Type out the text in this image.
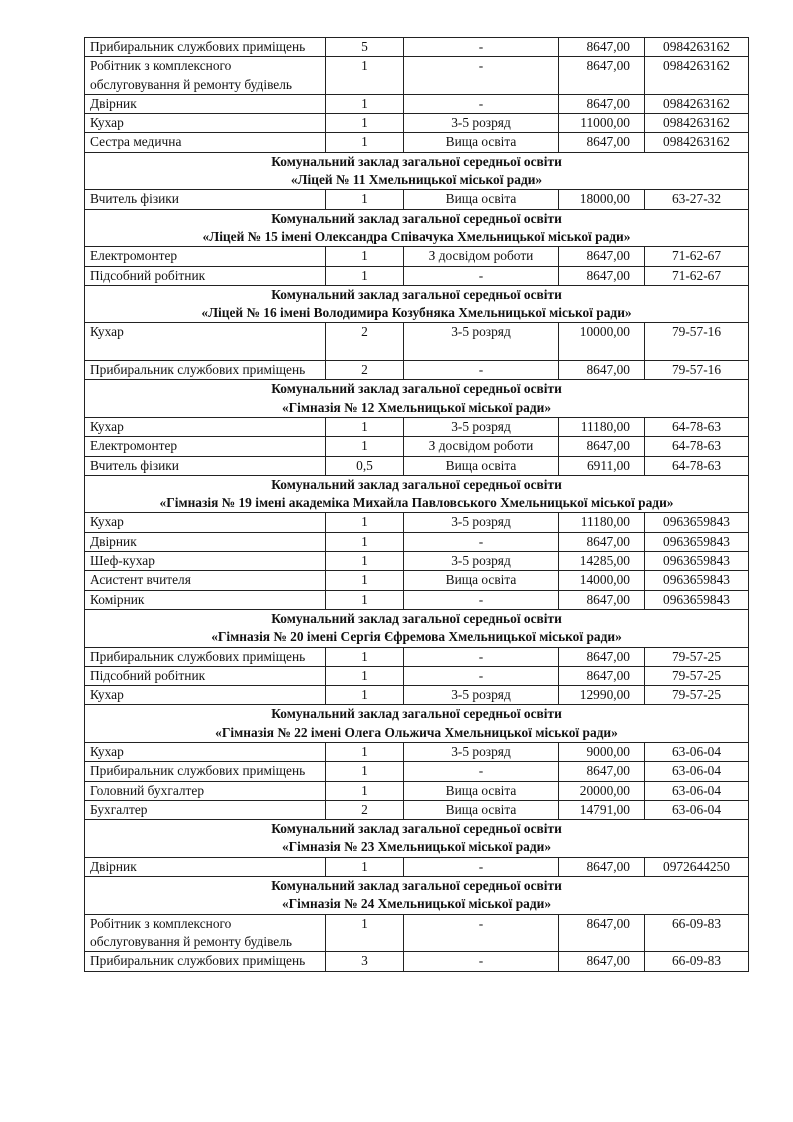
Прибиральник службових приміщень	5	-	8647,00	0984263162
Робітник з комплексного обслуговування й ремонту будівель	1	-	8647,00	0984263162
Двірник	1	-	8647,00	0984263162
Кухар	1	3-5 розряд	11000,00	0984263162
Сестра медична	1	Вища освіта	8647,00	0984263162

Комунальний заклад загальної середньої освіти
«Ліцей № 11 Хмельницької міської ради»				

Вчитель фізики	1	Вища освіта	18000,00	63-27-32

Комунальний заклад загальної середньої освіти
«Ліцей № 15 імені Олександра Співачука Хмельницької міської ради»				

Електромонтер	1	З досвідом роботи	8647,00	71-62-67
Підсобний робітник	1	-	8647,00	71-62-67

Комунальний заклад загальної середньої освіти
«Ліцей № 16 імені Володимира Козубняка Хмельницької міської ради»				

Кухар	2	3-5 розряд	10000,00	79-57-16
Прибиральник службових приміщень	2	-	8647,00	79-57-16

Комунальний заклад загальної середньої освіти
«Гімназія № 12 Хмельницької міської ради»				

Кухар	1	3-5 розряд	11180,00	64-78-63
Електромонтер	1	З досвідом роботи	8647,00	64-78-63
Вчитель фізики	0,5	Вища освіта	6911,00	64-78-63

Комунальний заклад загальної середньої освіти
«Гімназія № 19 імені академіка Михайла Павловського Хмельницької міської ради»				

Кухар	1	3-5 розряд	11180,00	0963659843
Двірник	1	-	8647,00	0963659843
Шеф-кухар	1	3-5 розряд	14285,00	0963659843
Асистент вчителя	1	Вища освіта	14000,00	0963659843
Комірник	1	-	8647,00	0963659843

Комунальний заклад загальної середньої освіти
«Гімназія № 20 імені Сергія Єфремова Хмельницької міської ради»				

Прибиральник службових приміщень	1	-	8647,00	79-57-25
Підсобний робітник	1	-	8647,00	79-57-25
Кухар	1	3-5 розряд	12990,00	79-57-25

Комунальний заклад загальної середньої освіти
«Гімназія № 22 імені Олега Ольжича Хмельницької міської ради»				

Кухар	1	3-5 розряд	9000,00	63-06-04
Прибиральник службових приміщень	1	-	8647,00	63-06-04
Головний бухгалтер	1	Вища освіта	20000,00	63-06-04
Бухгалтер	2	Вища освіта	14791,00	63-06-04

Комунальний заклад загальної середньої освіти
«Гімназія № 23 Хмельницької міської ради»				

Двірник	1	-	8647,00	0972644250

Комунальний заклад загальної середньої освіти
«Гімназія № 24 Хмельницької міської ради»				

Робітник з комплексного обслуговування й ремонту будівель	1	-	8647,00	66-09-83
Прибиральник службових приміщень	3	-	8647,00	66-09-83
